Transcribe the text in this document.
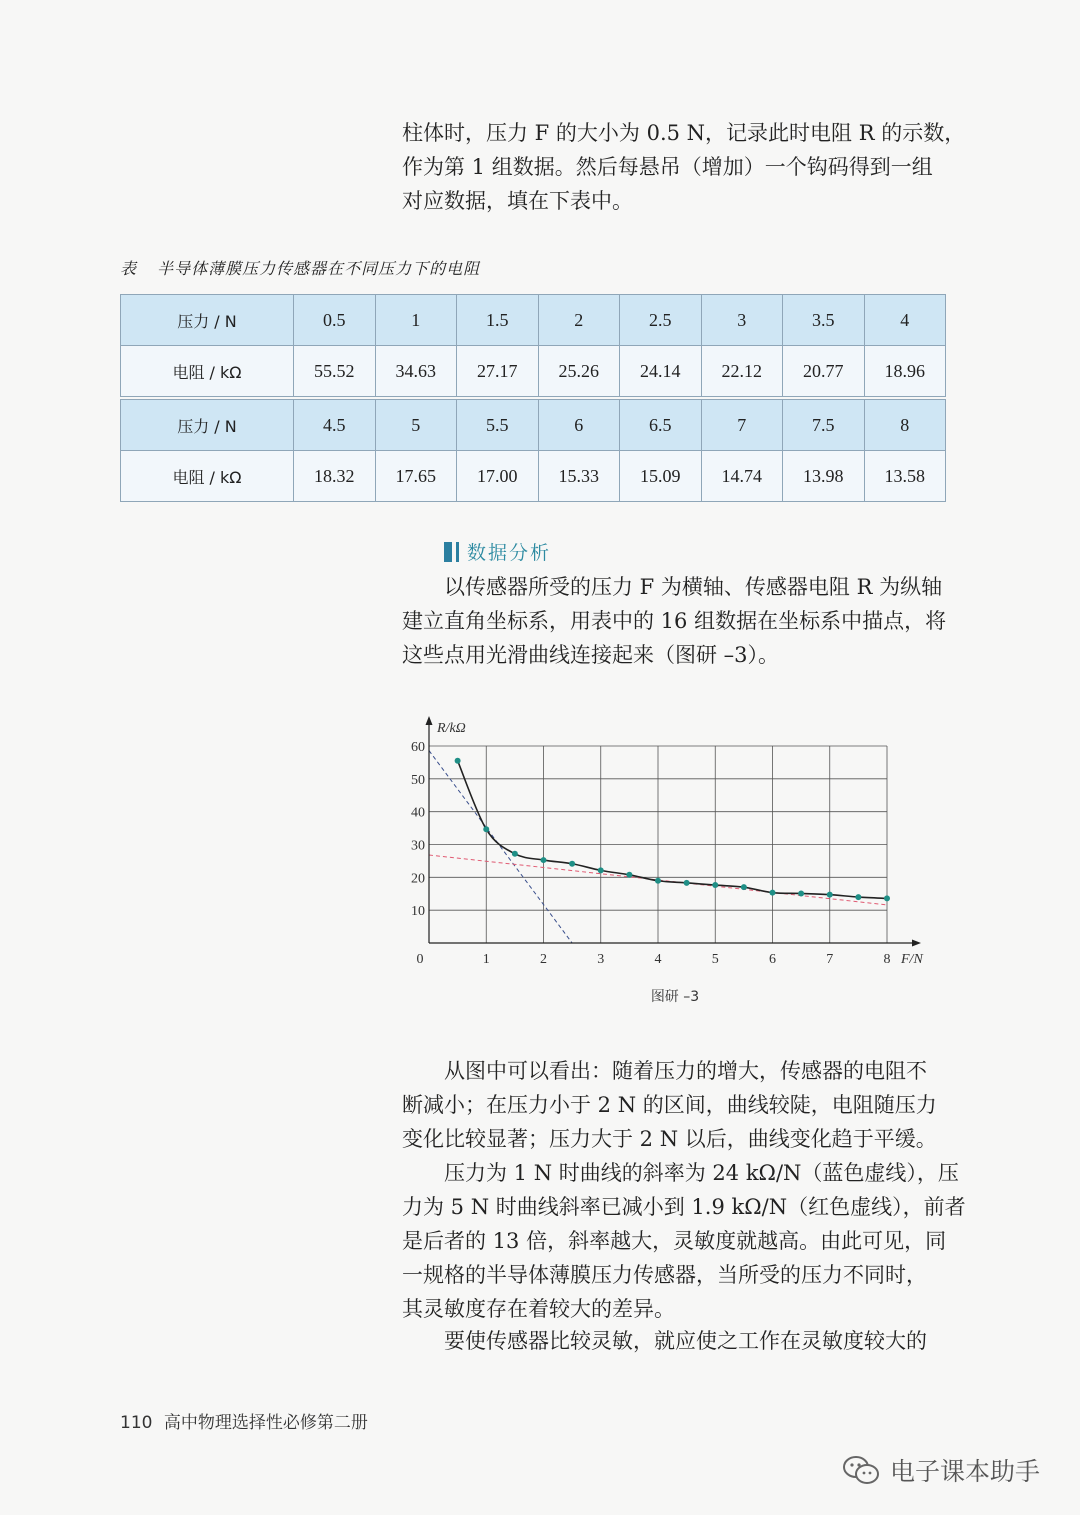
柱体时，压力 F 的大小为 0.5 N，记录此时电阻 R 的示数，
作为第 1 组数据。然后每悬吊（增加）一个钩码得到一组
对应数据，填在下表中。

表 半导体薄膜压力传感器在不同压力下的电阻
压力 / N	0.5	1	1.5	2	2.5	3	3.5	4
电阻 / kΩ	55.52	34.63	27.17	25.26	24.14	22.12	20.77	18.96
压力 / N	4.5	5	5.5	6	6.5	7	7.5	8
电阻 / kΩ	18.32	17.65	17.00	15.33	15.09	14.74	13.98	13.58
数据分析

以传感器所受的压力 F 为横轴、传感器电阻 R 为纵轴
建立直角坐标系，用表中的 16 组数据在坐标系中描点，将
这些点用光滑曲线连接起来（图研 –3）。

0	1	2	3	4	5	6	7	8
10
20
30
40
50
60
F/N
R/kΩ
图研 –3

从图中可以看出：随着压力的增大，传感器的电阻不
断减小；在压力小于 2 N 的区间，曲线较陡，电阻随压力
变化比较显著；压力大于 2 N 以后，曲线变化趋于平缓。

压力为 1 N 时曲线的斜率为 24 kΩ/N（蓝色虚线），压
力为 5 N 时曲线斜率已减小到 1.9 kΩ/N（红色虚线），前者
是后者的 13 倍，斜率越大，灵敏度就越高。由此可见，同
一规格的半导体薄膜压力传感器，当所受的压力不同时，
其灵敏度存在着较大的差异。

要使传感器比较灵敏，就应使之工作在灵敏度较大的

110 高中物理选择性必修第二册
电子课本助手
